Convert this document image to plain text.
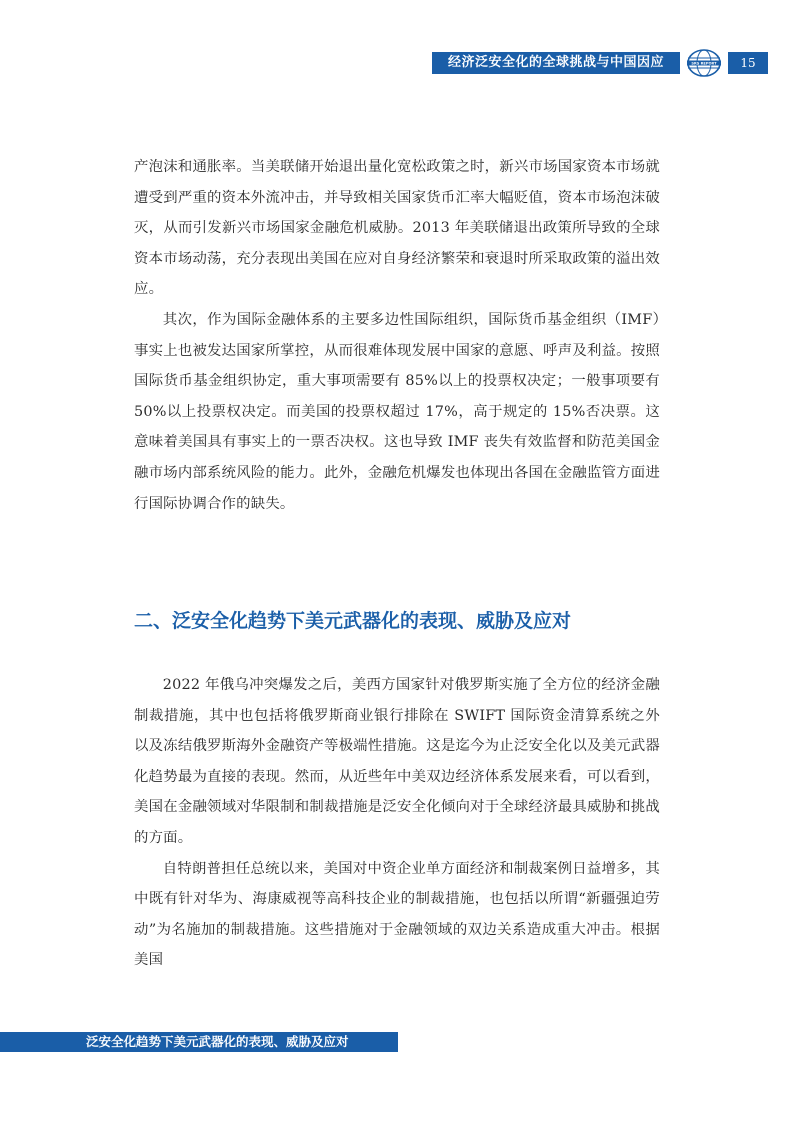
经济泛安全化的全球挑战与中国因应	SRS REPORT	15

产泡沫和通胀率。当美联储开始退出量化宽松政策之时，新兴市场国家资本市场就遭受到严重的资本外流冲击，并导致相关国家货币汇率大幅贬值，资本市场泡沫破灭，从而引发新兴市场国家金融危机威胁。2013 年美联储退出政策所导致的全球资本市场动荡，充分表现出美国在应对自身经济繁荣和衰退时所采取政策的溢出效应。

其次，作为国际金融体系的主要多边性国际组织，国际货币基金组织（IMF）事实上也被发达国家所掌控，从而很难体现发展中国家的意愿、呼声及利益。按照国际货币基金组织协定，重大事项需要有 85%以上的投票权决定；一般事项要有50%以上投票权决定。而美国的投票权超过 17%，高于规定的 15%否决票。这意味着美国具有事实上的一票否决权。这也导致 IMF 丧失有效监督和防范美国金融市场内部系统风险的能力。此外，金融危机爆发也体现出各国在金融监管方面进行国际协调合作的缺失。

二、泛安全化趋势下美元武器化的表现、威胁及应对

2022 年俄乌冲突爆发之后，美西方国家针对俄罗斯实施了全方位的经济金融制裁措施，其中也包括将俄罗斯商业银行排除在 SWIFT 国际资金清算系统之外以及冻结俄罗斯海外金融资产等极端性措施。这是迄今为止泛安全化以及美元武器化趋势最为直接的表现。然而，从近些年中美双边经济体系发展来看，可以看到，美国在金融领域对华限制和制裁措施是泛安全化倾向对于全球经济最具威胁和挑战的方面。

自特朗普担任总统以来，美国对中资企业单方面经济和制裁案例日益增多，其中既有针对华为、海康威视等高科技企业的制裁措施，也包括以所谓“新疆强迫劳动”为名施加的制裁措施。这些措施对于金融领域的双边关系造成重大冲击。根据美国

泛安全化趋势下美元武器化的表现、威胁及应对
